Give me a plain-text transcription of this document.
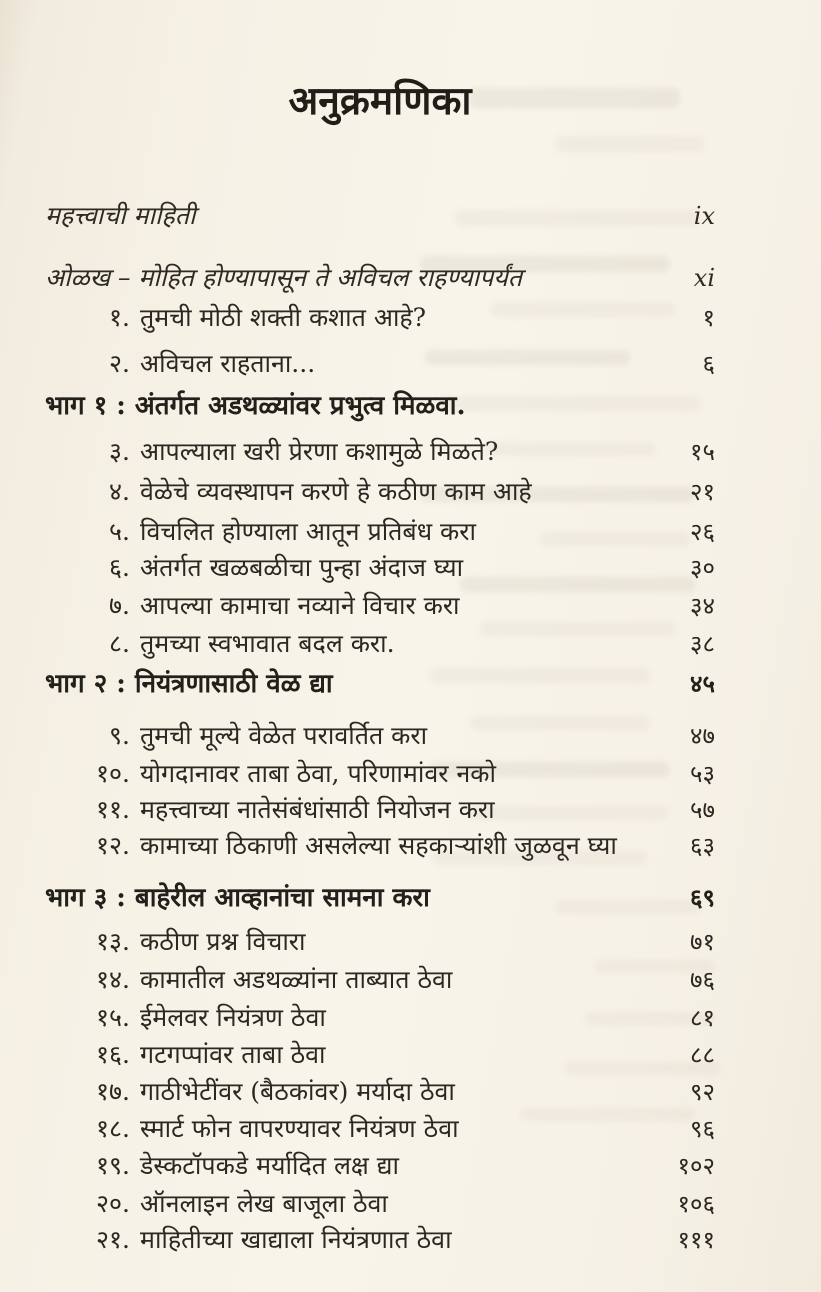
अनुक्रमणिका
महत्त्वाची माहिती	ix
ओळख – मोहित होण्यापासून ते अविचल राहण्यापर्यंत	xi
१. तुमची मोठी शक्ती कशात आहे?	१
२. अविचल राहताना...	६
भाग १ : अंतर्गत अडथळ्यांवर प्रभुत्व मिळवा.
३. आपल्याला खरी प्रेरणा कशामुळे मिळते?	१५
४. वेळेचे व्यवस्थापन करणे हे कठीण काम आहे	२१
५. विचलित होण्याला आतून प्रतिबंध करा	२६
६. अंतर्गत खळबळीचा पुन्हा अंदाज घ्या	३०
७. आपल्या कामाचा नव्याने विचार करा	३४
८. तुमच्या स्वभावात बदल करा.	३८
भाग २ : नियंत्रणासाठी वेळ द्या	४५
९. तुमची मूल्ये वेळेत परावर्तित करा	४७
१०. योगदानावर ताबा ठेवा, परिणामांवर नको	५३
११. महत्त्वाच्या नातेसंबंधांसाठी नियोजन करा	५७
१२. कामाच्या ठिकाणी असलेल्या सहकाऱ्यांशी जुळवून घ्या	६३
भाग ३ : बाहेरील आव्हानांचा सामना करा	६९
१३. कठीण प्रश्न विचारा	७१
१४. कामातील अडथळ्यांना ताब्यात ठेवा	७६
१५. ईमेलवर नियंत्रण ठेवा	८१
१६. गटगप्पांवर ताबा ठेवा	८८
१७. गाठीभेटींवर (बैठकांवर) मर्यादा ठेवा	९२
१८. स्मार्ट फोन वापरण्यावर नियंत्रण ठेवा	९६
१९. डेस्कटॉपकडे मर्यादित लक्ष द्या	१०२
२०. ऑनलाइन लेख बाजूला ठेवा	१०६
२१. माहितीच्या खाद्याला नियंत्रणात ठेवा	१११
